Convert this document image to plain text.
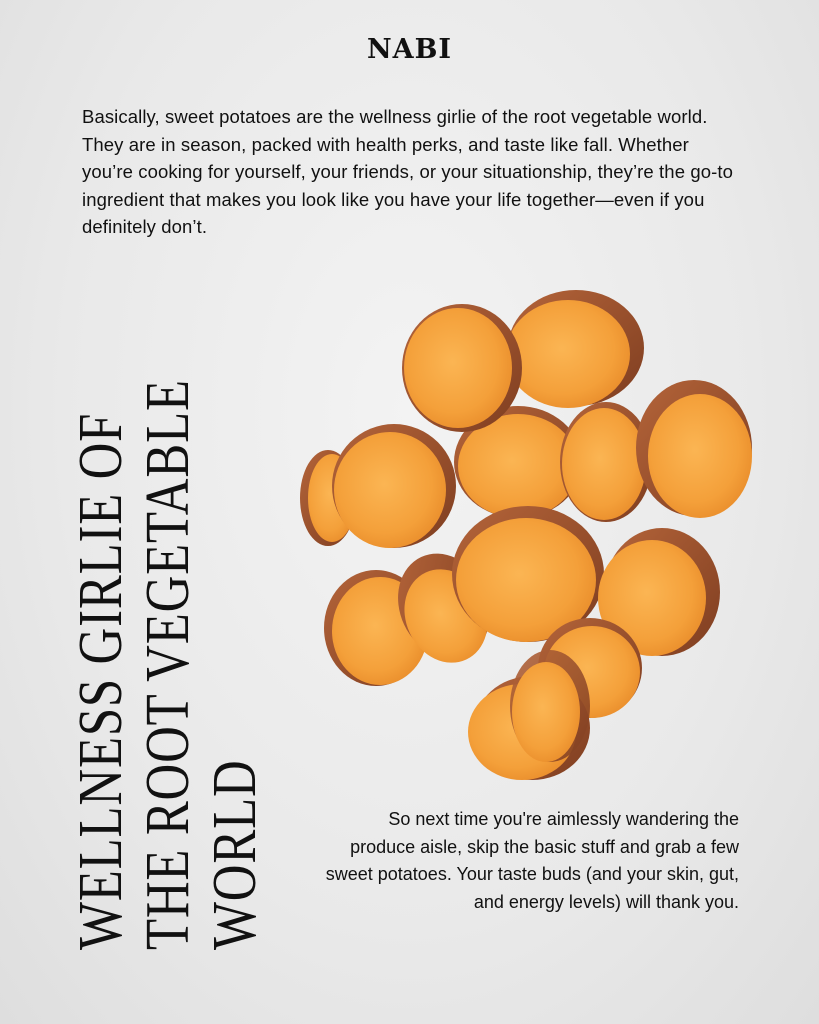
NABI

Basically, sweet potatoes are the wellness girlie of the root vegetable world. They are in season, packed with health perks, and taste like fall. Whether you’re cooking for yourself, your friends, or your situationship, they’re the go-to ingredient that makes you look like you have your life together—even if you definitely don’t.

WELLNESS GIRLIE OF THE ROOT VEGETABLE WORLD	So next time you're aimlessly wandering the produce aisle, skip the basic stuff and grab a few sweet potatoes. Your taste buds (and your skin, gut, and energy levels) will thank you.
